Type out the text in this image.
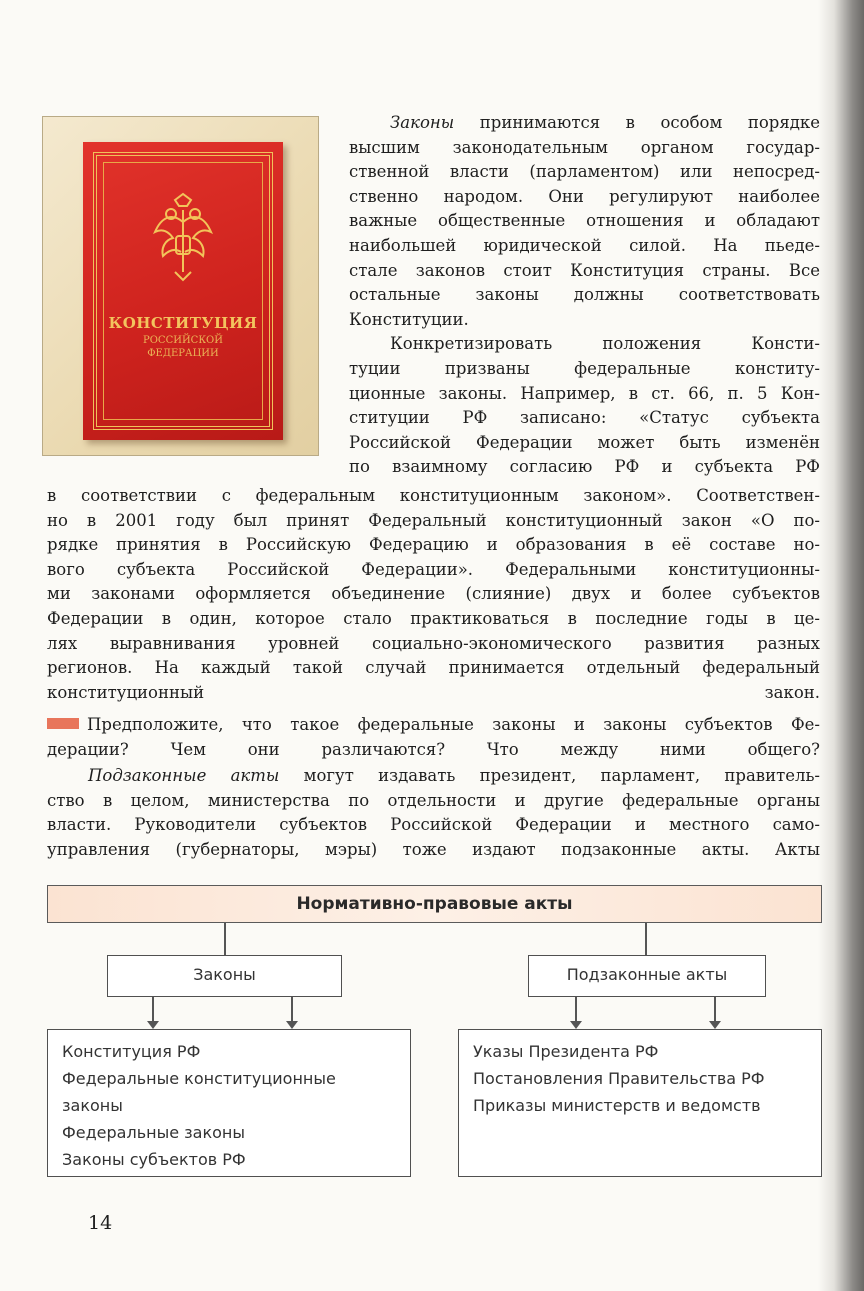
КОНСТИТУЦИЯ
РОССИЙСКОЙ
ФЕДЕРАЦИИ
Законы принимаются в особом порядке
высшим законодательным органом государ-
ственной власти (парламентом) или непосред-
ственно народом. Они регулируют наиболее
важные общественные отношения и обладают
наибольшей юридической силой. На пьеде-
стале законов стоит Конституция страны. Все
остальные законы должны соответствовать
Конституции.
Конкретизировать положения Консти-
туции призваны федеральные конститу-
ционные законы. Например, в ст. 66, п. 5 Кон-
ституции РФ записано: «Статус субъекта
Российской Федерации может быть изменён
по взаимному согласию РФ и субъекта РФ
в соответствии с федеральным конституционным законом». Соответствен-
но в 2001 году был принят Федеральный конституционный закон «О по-
рядке принятия в Российскую Федерацию и образования в её составе но-
вого субъекта Российской Федерации». Федеральными конституционны-
ми законами оформляется объединение (слияние) двух и более субъектов
Федерации в один, которое стало практиковаться в последние годы в це-
лях выравнивания уровней социально-экономического развития разных
регионов. На каждый такой случай принимается отдельный федеральный
конституционный закон.
Предположите, что такое федеральные законы и законы субъектов Фе-
дерации? Чем они различаются? Что между ними общего?
Подзаконные акты могут издавать президент, парламент, правитель-
ство в целом, министерства по отдельности и другие федеральные органы
власти. Руководители субъектов Российской Федерации и местного само-
управления (губернаторы, мэры) тоже издают подзаконные акты. Акты
Нормативно-правовые акты
Законы	Подзаконные акты
Конституция РФ
Федеральные конституционные
законы
Федеральные законы
Законы субъектов РФ
Указы Президента РФ
Постановления Правительства РФ
Приказы министерств и ведомств
14
